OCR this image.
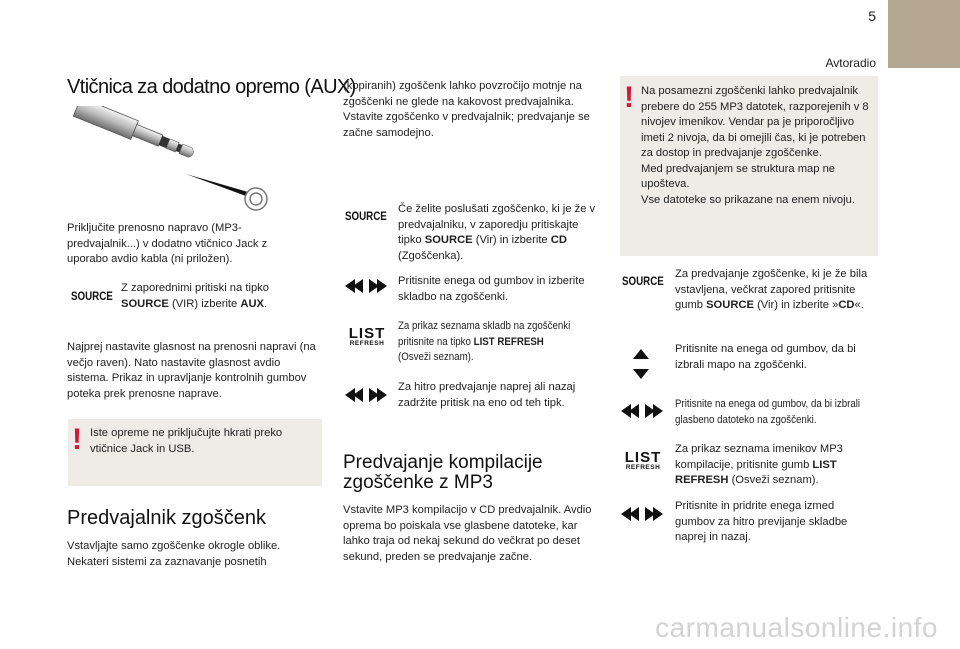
5
Avtoradio
Vtičnica za dodatno opremo (AUX)

Priključite prenosno napravo (MP3-predvajalnik...) v dodatno vtičnico Jack z uporabo avdio kabla (ni priložen).

SOURCE

Z zaporednimi pritiski na tipko SOURCE (VIR) izberite AUX.

Najprej nastavite glasnost na prenosni napravi (na večjo raven). Nato nastavite glasnost avdio sistema. Prikaz in upravljanje kontrolnih gumbov poteka prek prenosne naprave.

! Iste opreme ne priključujte hkrati preko vtičnice Jack in USB.

Predvajalnik zgoščenk

Vstavljajte samo zgoščenke okrogle oblike. Nekateri sistemi za zaznavanje posnetih

(kopiranih) zgoščenk lahko povzročijo motnje na zgoščenki ne glede na kakovost predvajalnika.
Vstavite zgoščenko v predvajalnik; predvajanje se začne samodejno.

SOURCE

Če želite poslušati zgoščenko, ki je že v predvajalniku, v zaporedju pritiskajte tipko SOURCE (Vir) in izberite CD (Zgoščenka).

Pritisnite enega od gumbov in izberite skladbo na zgoščenki.

LIST
REFRESH

Za prikaz seznama skladb na zgoščenki pritisnite na tipko LIST REFRESH (Osveži seznam).

Za hitro predvajanje naprej ali nazaj zadržite pritisk na eno od teh tipk.

Predvajanje kompilacije zgoščenke z MP3

Vstavite MP3 kompilacijo v CD predvajalnik. Avdio oprema bo poiskala vse glasbene datoteke, kar lahko traja od nekaj sekund do večkrat po deset sekund, preden se predvajanje začne.

! Na posamezni zgoščenki lahko predvajalnik prebere do 255 MP3 datotek, razporejenih v 8 nivojev imenikov. Vendar pa je priporočljivo imeti 2 nivoja, da bi omejili čas, ki je potreben za dostop in predvajanje zgoščenke.
Med predvajanjem se struktura map ne upošteva.
Vse datoteke so prikazane na enem nivoju.

SOURCE

Za predvajanje zgoščenke, ki je že bila vstavljena, večkrat zapored pritisnite gumb SOURCE (Vir) in izberite »CD«.

Pritisnite na enega od gumbov, da bi izbrali mapo na zgoščenki.

Pritisnite na enega od gumbov, da bi izbrali glasbeno datoteko na zgoščenki.

LIST
REFRESH

Za prikaz seznama imenikov MP3 kompilacije, pritisnite gumb LIST REFRESH (Osveži seznam).

Pritisnite in pridrite enega izmed gumbov za hitro previjanje skladbe naprej in nazaj.

carmanualsonline.info
